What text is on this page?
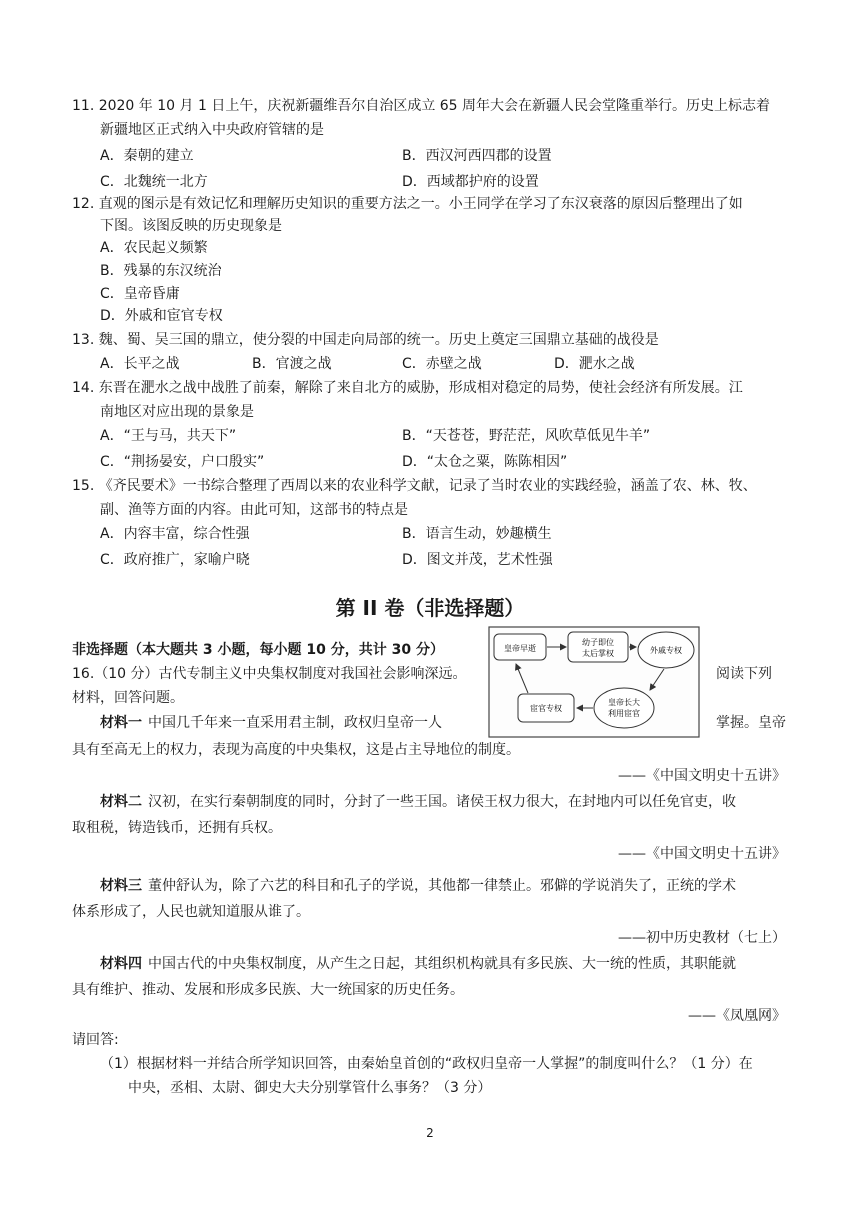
11. 2020 年 10 月 1 日上午，庆祝新疆维吾尔自治区成立 65 周年大会在新疆人民会堂隆重举行。历史上标志着
新疆地区正式纳入中央政府管辖的是
A．秦朝的建立	B．西汉河西四郡的设置
C．北魏统一北方	D．西域都护府的设置
12. 直观的图示是有效记忆和理解历史知识的重要方法之一。小王同学在学习了东汉衰落的原因后整理出了如
下图。该图反映的历史现象是
A．农民起义频繁
B．残暴的东汉统治
C．皇帝昏庸
D．外戚和宦官专权
13. 魏、蜀、吴三国的鼎立，使分裂的中国走向局部的统一。历史上奠定三国鼎立基础的战役是
A．长平之战	B．官渡之战	C．赤壁之战	D．淝水之战
14. 东晋在淝水之战中战胜了前秦，解除了来自北方的威胁，形成相对稳定的局势，使社会经济有所发展。江
南地区对应出现的景象是
A．“王与马，共天下”	B．“天苍苍，野茫茫，风吹草低见牛羊”
C．“荆扬晏安，户口殷实”	D．“太仓之粟，陈陈相因”
15. 《齐民要术》一书综合整理了西周以来的农业科学文献，记录了当时农业的实践经验，涵盖了农、林、牧、
副、渔等方面的内容。由此可知，这部书的特点是
A．内容丰富，综合性强	B．语言生动，妙趣横生
C．政府推广，家喻户晓	D．图文并茂，艺术性强
第 II 卷（非选择题）
非选择题（本大题共 3 小题，每小题 10 分，共计 30 分）
16.（10 分）古代专制主义中央集权制度对我国社会影响深远。	阅读下列
材料，回答问题。
皇帝早逝
幼子即位
太后掌权	外戚专权
皇帝长大
利用宦官
宦官专权
材料一 中国几千年来一直采用君主制，政权归皇帝一人	掌握。皇帝
具有至高无上的权力，表现为高度的中央集权，这是占主导地位的制度。
——《中国文明史十五讲》
材料二 汉初，在实行秦朝制度的同时，分封了一些王国。诸侯王权力很大，在封地内可以任免官吏，收
取租税，铸造钱币，还拥有兵权。
——《中国文明史十五讲》
材料三 董仲舒认为，除了六艺的科目和孔子的学说，其他都一律禁止。邪僻的学说消失了，正统的学术
体系形成了，人民也就知道服从谁了。
——初中历史教材（七上）
材料四 中国古代的中央集权制度，从产生之日起，其组织机构就具有多民族、大一统的性质，其职能就
具有维护、推动、发展和形成多民族、大一统国家的历史任务。
——《凤凰网》
请回答:
（1）根据材料一并结合所学知识回答，由秦始皇首创的“政权归皇帝一人掌握”的制度叫什么？（1 分）在
中央，丞相、太尉、御史大夫分别掌管什么事务？（3 分）
2
